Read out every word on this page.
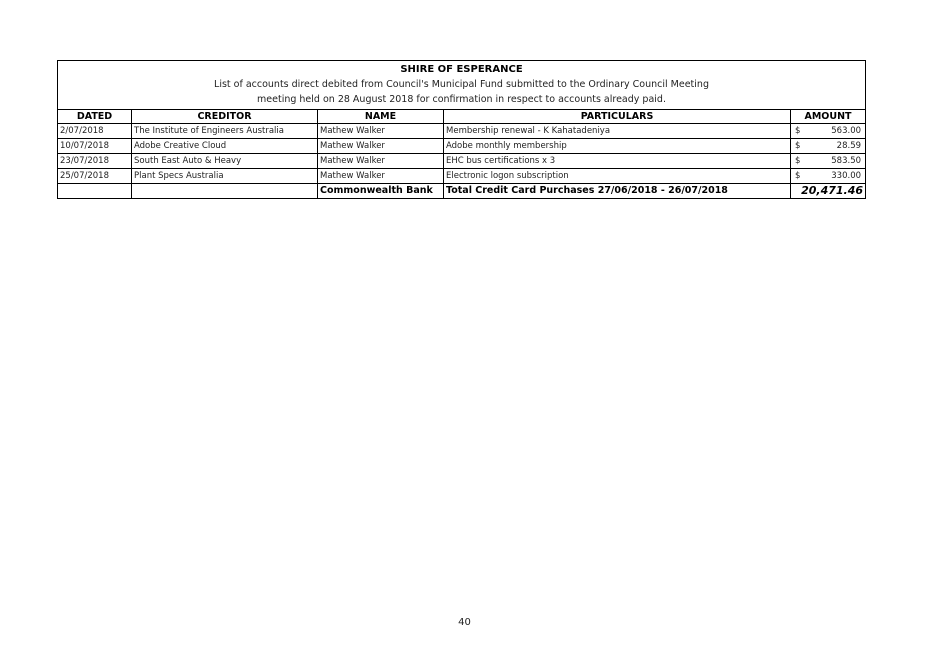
SHIRE OF ESPERANCE
List of accounts direct debited from Council's Municipal Fund submitted to the Ordinary Council Meeting
meeting held on 28 August 2018 for confirmation in respect to accounts already paid.				

DATED	CREDITOR	NAME	PARTICULARS	AMOUNT
2/07/2018	The Institute of Engineers Australia	Mathew Walker	Membership renewal - K Kahatadeniya	$ 563.00

10/07/2018	Adobe Creative Cloud	Mathew Walker	Adobe monthly membership	$ 28.59

23/07/2018	South East Auto & Heavy	Mathew Walker	EHC bus certifications x 3	$ 583.50

25/07/2018	Plant Specs Australia	Mathew Walker	Electronic logon subscription	$ 330.00

		Commonwealth Bank	Total Credit Card Purchases 27/06/2018 - 26/07/2018	20,471.46
40
